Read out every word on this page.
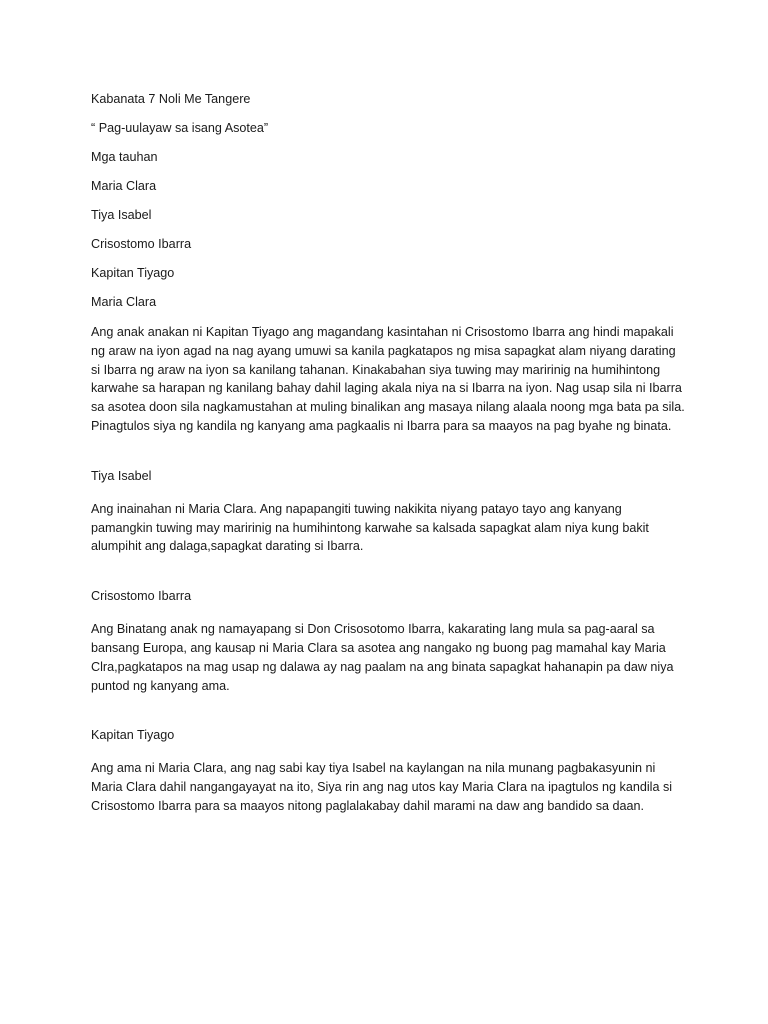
Kabanata 7 Noli Me Tangere
“ Pag-uulayaw sa isang Asotea”
Mga tauhan
Maria Clara
Tiya Isabel
Crisostomo Ibarra
Kapitan Tiyago
Maria Clara
Ang anak anakan ni Kapitan Tiyago ang magandang kasintahan ni Crisostomo Ibarra ang hindi mapakali
ng araw na iyon agad na nag ayang umuwi sa kanila pagkatapos ng misa sapagkat alam niyang darating
si Ibarra ng araw na iyon sa kanilang tahanan. Kinakabahan siya tuwing may maririnig na humihintong
karwahe sa harapan ng kanilang bahay dahil laging akala niya na si Ibarra na iyon. Nag usap sila ni Ibarra
sa asotea doon sila nagkamustahan at muling binalikan ang masaya nilang alaala noong mga bata pa sila.
Pinagtulos siya ng kandila ng kanyang ama pagkaalis ni Ibarra para sa maayos na pag byahe ng binata.
Tiya Isabel
Ang inainahan ni Maria Clara. Ang napapangiti tuwing nakikita niyang patayo tayo ang kanyang
pamangkin tuwing may maririnig na humihintong karwahe sa kalsada sapagkat alam niya kung bakit
alumpihit ang dalaga,sapagkat darating si Ibarra.
Crisostomo Ibarra
Ang Binatang anak ng namayapang si Don Crisosotomo Ibarra, kakarating lang mula sa pag-aaral sa
bansang Europa, ang kausap ni Maria Clara sa asotea ang nangako ng buong pag mamahal kay Maria
Clra,pagkatapos na mag usap ng dalawa ay nag paalam na ang binata sapagkat hahanapin pa daw niya
puntod ng kanyang ama.
Kapitan Tiyago
Ang ama ni Maria Clara, ang nag sabi kay tiya Isabel na kaylangan na nila munang pagbakasyunin ni
Maria Clara dahil nangangayayat na ito, Siya rin ang nag utos kay Maria Clara na ipagtulos ng kandila si
Crisostomo Ibarra para sa maayos nitong paglalakabay dahil marami na daw ang bandido sa daan.
